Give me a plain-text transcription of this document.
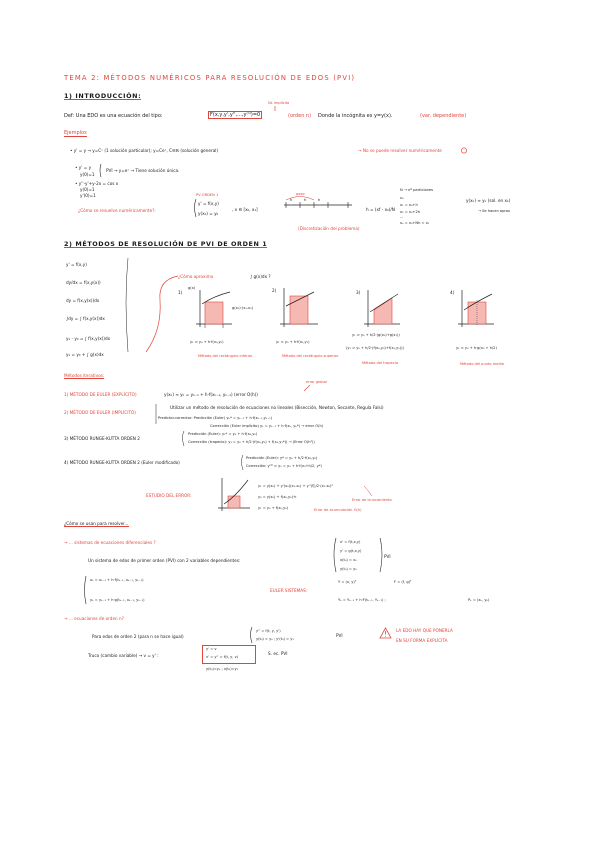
TEMA 2: MÉTODOS NUMÉRICOS PARA RESOLUCIÓN DE EDOS (PVI)
1) INTRODUCCIÓN:
NL implícita
Def: Una EDO es una ecuación del tipo:	F(x,y,y',y'',...,y⁽ⁿ⁾)=0	(orden n) Donde la incógnita es y=y(x).	(var. dependiente)
Ejemplos
• y' = y → y=Cˣ (1 solución particular); y=Ceˣ, C∈ℝ (solución general)	→ No se puede resolver numéricamente
• y' = y
y(0)=1
PVI → y=eˣ → Tiene solución única.
• y''-y'+y-2x = cos x
y(0)=1
y'(0)=1
¿Cómo se resuelve numéricamente?:
PV-ORDEN 1
y' = f(x,y)
y(x₀) = y₀
, x ∈ [x₀, x₁]
paso
h	h	h
(Discretización del problema)
h = (xf - x₀)/N
N → nº particiones
x₀
x₁ = x₀+h
x₂ = x₀+2h
...
xₙ = x₀+Nh = x₁
y(xₖ) ≈ yₖ (sol. en xₖ)
→ Se hacen aprox
2) MÉTODOS DE RESOLUCIÓN DE PVI DE ORDEN 1
¿Cómo aproximo	∫ g(x)dx ?
y' = f(x,y)
dy/dx = f(x,y(x))
dy = f(x,y(x))dx
∫dy = ∫ f(x,y(x))dx
y₁ - y₀ = ∫ f(x,y(x))dx
y₁ = y₀ + ∫ g(x)dx
1)
g(x)
g(x₀)·(x₁-x₀)
2)	3)	4)
y₁ ≈ y₀ + h·f(x₀,y₀)
Método del rectángulo inferior
y₁ ≈ y₀ + h·f(x₁,y₁)
Método del rectángulo superior
y₁ ≈ y₀ + h/2·(g(x₀)+g(x₁))
(y₁ ≈ y₀ + h/2·(f(x₀,y₀)+f(x₁,y₁)))
Método del trapecio
y₁ ≈ y₀ + h·g(x₀ + h/2)
Método del punto medio
Métodos iterativos:
error global
1) MÉTODO DE EULER (EXPLÍCITO)	y(xₖ) ≈ yₖ = yₖ₋₁ + h·f(xₖ₋₁, yₖ₋₁) (error O(h))
2) MÉTODO DE EULER (IMPLÍCITO)
Utilizar un método de resolución de ecuaciones no lineales (Bisección, Newton, Secante, Regula Falsi)
Predictor-corrector: Predicción (Euler) yₖ* = yₖ₋₁ + h·f(xₖ₋₁,yₖ₋₁)
Corrección (Euler implícito) yₖ = yₖ₋₁ + h·f(xₖ, yₖ*) → error O(h)
3) MÉTODO RUNGE-KUTTA ORDEN 2
Predicción (Euler): y₁* = y₀ + h·f(x₀,y₀)
Corrección (trapecio): y₁ = y₀ + h/2·(f(x₀,y₀) + f(x₁,y₁*)) → (Error O(h²))
4) MÉTODO RUNGE-KUTTA ORDEN 2 (Euler modificado)
Predicción (Euler): y* = y₀ + h/2·f(x₀,y₀)
Corrección: y⁽¹⁾ ≈ y₁ = y₀ + h·f(x₀+h/2, y*)
ESTUDIO DEL ERROR:
y₁ = y(x₀) + y'(x₀)(x₁-x₀) + y''(ξ)/2·(x₁-x₀)²
y₀ = y(x₀) + f(x₀,y₀)·h
y₁ = y₀ + f(x₀,y₀)
Error de truncamiento
Error de acumulación O(h)
¿Cómo se usan para resolver...
→ ... sistemas de ecuaciones diferenciales ?
Un sistema de edos de primer orden (PVI) con 2 variables dependientes:
x' = f(t,x,y)
y' = g(t,x,y)
x(t₀) = x₀
y(t₀) = y₀
PVI
xₖ = xₖ₋₁ + h·f(tₖ₋₁, xₖ₋₁, yₖ₋₁)
yₖ = yₖ₋₁ + h·g(tₖ₋₁, xₖ₋₁, yₖ₋₁)
EULER SISTEMAS:
Y = (x, y)ᵀ	F = (f, g)ᵀ
Yₖ = Yₖ₋₁ + h·F(tₖ₋₁, Yₖ₋₁) ;	Pₖ = (xₖ, yₖ)
→ ... ecuaciones de orden n?
Para edos de orden 2 (para n se hace igual)
y'' = f(t, y, y')
y(t₀) = y₀ ; y'(t₀) = y₁
PVI
Truco (cambio variable) → v = y' :
y' = v
v' = y'' = f(t, y, v)
y(t₀)=y₀ ; v(t₀)=y₁
S. ec. PVI
LA EDO HAY QUE PONERLA
EN SU FORMA EXPLÍCITA
